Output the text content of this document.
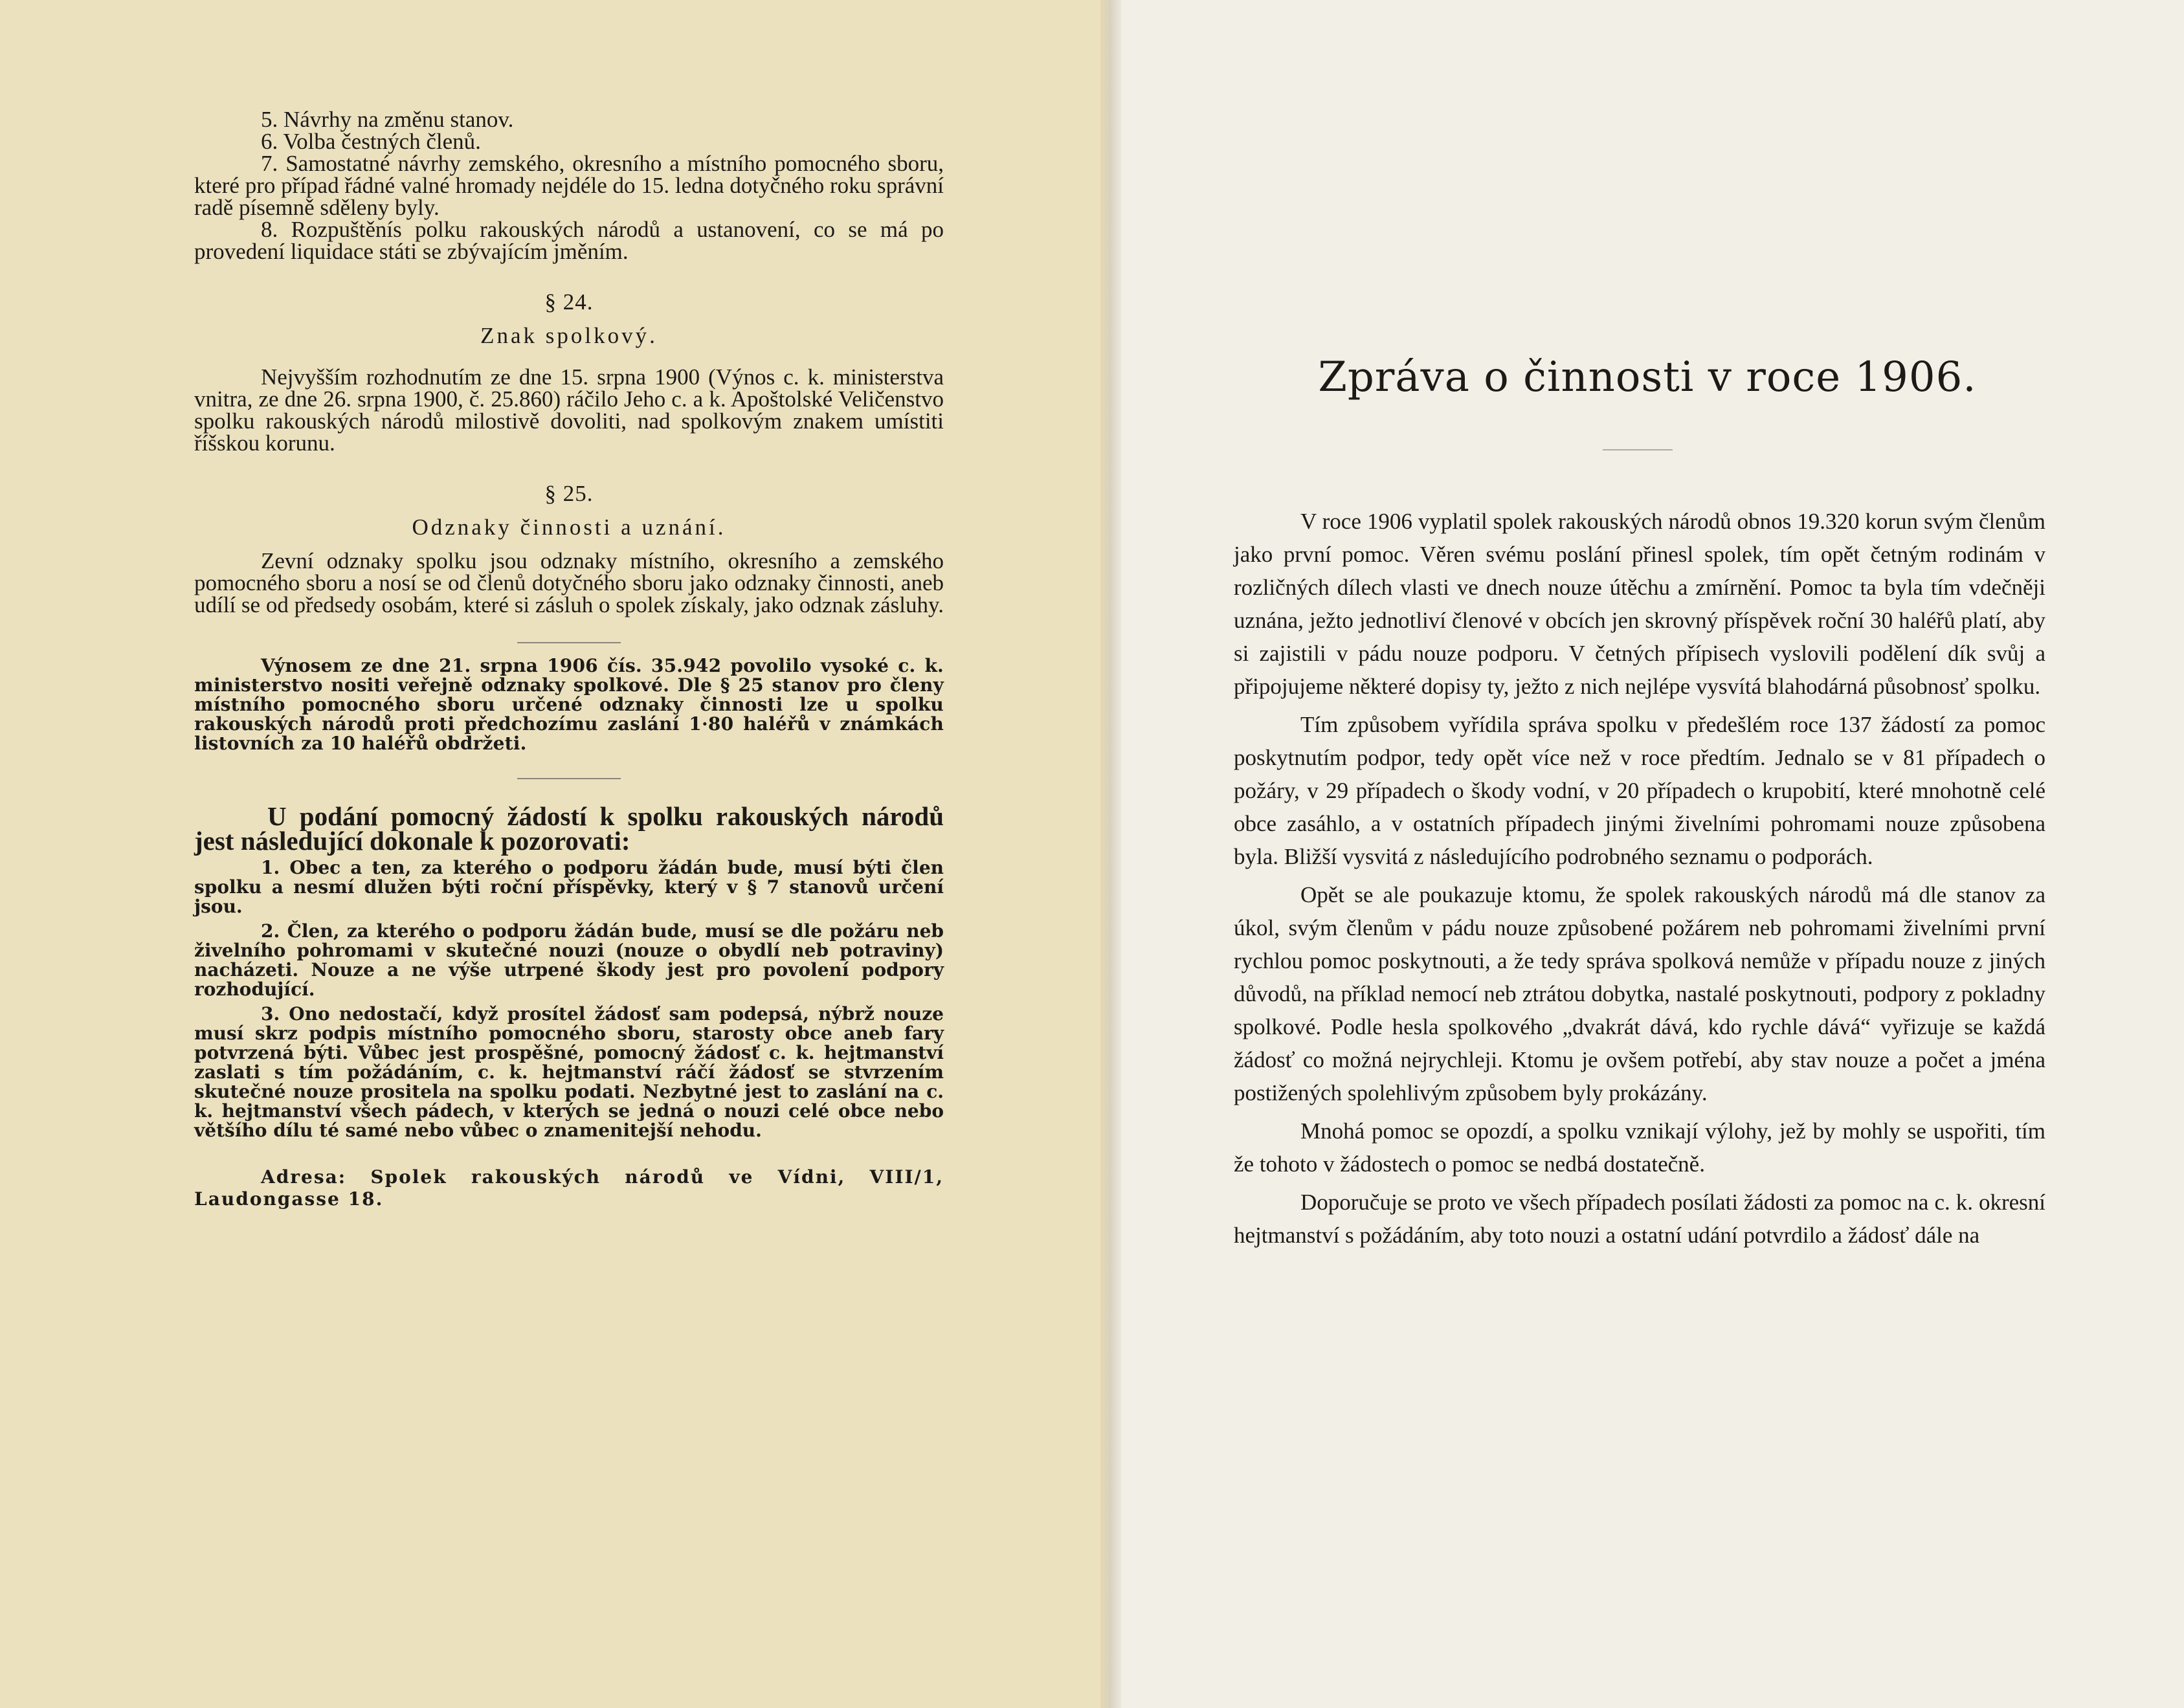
5. Návrhy na změnu stanov.

6. Volba čestných členů.

7. Samostatné návrhy zemského, okresního a místního pomocného sboru, které pro případ řádné valné hromady nejdéle do 15. ledna dotyčného roku správní radě písemně sděleny byly.

8. Rozpuštěnís polku rakouských národů a ustanovení, co se má po provedení liquidace státi se zbývajícím jměním.

§ 24.

Znak spolkový.

Nejvyšším rozhodnutím ze dne 15. srpna 1900 (Výnos c. k. ministerstva vnitra, ze dne 26. srpna 1900, č. 25.860) ráčilo Jeho c. a k. Apoštolské Veličenstvo spolku rakouských národů milostivě dovoliti, nad spolkovým znakem umístiti říšskou korunu.

§ 25.

Odznaky činnosti a uznání.

Zevní odznaky spolku jsou odznaky místního, okresního a zemského pomocného sboru a nosí se od členů dotyčného sboru jako odznaky činnosti, aneb udílí se od předsedy osobám, které si zásluh o spolek získaly, jako odznak zásluhy.

Výnosem ze dne 21. srpna 1906 čís. 35.942 povolilo vysoké c. k. ministerstvo nositi veřejně odznaky spolkové. Dle § 25 stanov pro členy místního pomocného sboru určené odznaky činnosti lze u spolku rakouských národů proti předchozímu zaslání 1·80 haléřů v známkách listovních za 10 haléřů obdržeti.

U podání pomocný žádostí k spolku rakouských národů jest následující dokonale k pozorovati:

1. Obec a ten, za kterého o podporu žádán bude, musí býti člen spolku a nesmí dlužen býti roční příspěvky, který v § 7 stanovů určení jsou.

2. Člen, za kterého o podporu žádán bude, musí se dle požáru neb živelního pohromami v skutečné nouzi (nouze o obydlí neb potraviny) nacházeti. Nouze a ne výše utrpené škody jest pro povolení podpory rozhodující.

3. Ono nedostačí, když prosítel žádosť sam podepsá, nýbrž nouze musí skrz podpis místního pomocného sboru, starosty obce aneb fary potvrzená býti. Vůbec jest prospěšné, pomocný žádosť c. k. hejtmanství zaslati s tím požádáním, c. k. hejtmanství ráčí žádosť se stvrzením skutečné nouze prositela na spolku podati. Nezbytné jest to zaslání na c. k. hejtmanství všech pádech, v kterých se jedná o nouzi celé obce nebo většího dílu té samé nebo vůbec o znamenitejší nehodu.

Adresa: Spolek rakouských národů ve Vídni, VIII/1, Laudongasse 18.

Zpráva o činnosti v roce 1906.

V roce 1906 vyplatil spolek rakouských národů obnos 19.320 korun svým členům jako první pomoc. Věren svému poslání přinesl spolek, tím opět četným rodinám v rozličných dílech vlasti ve dnech nouze útěchu a zmírnění. Pomoc ta byla tím vdečněji uznána, ježto jednotliví členové v obcích jen skrovný příspěvek roční 30 haléřů platí, aby si zajistili v pádu nouze podporu. V četných přípisech vyslovili podělení dík svůj a připojujeme některé dopisy ty, ježto z nich nejlépe vysvítá blahodárná působnosť spolku.

Tím způsobem vyřídila správa spolku v předešlém roce 137 žádostí za pomoc poskytnutím podpor, tedy opět více než v roce předtím. Jednalo se v 81 případech o požáry, v 29 případech o škody vodní, v 20 případech o krupobití, které mnohotně celé obce zasáhlo, a v ostatních případech jinými živelními pohromami nouze způsobena byla. Bližší vysvitá z následujícího podrobného seznamu o podporách.

Opět se ale poukazuje ktomu, že spolek rakouských národů má dle stanov za úkol, svým členům v pádu nouze způsobené požárem neb pohromami živelními první rychlou pomoc poskytnouti, a že tedy správa spolková nemůže v případu nouze z jiných důvodů, na příklad nemocí neb ztrátou dobytka, nastalé poskytnouti, podpory z pokladny spolkové. Podle hesla spolkového „dvakrát dává, kdo rychle dává“ vyřizuje se každá žádosť co možná nejrychleji. Ktomu je ovšem potřebí, aby stav nouze a počet a jména postižených spolehlivým způsobem byly prokázány.

Mnohá pomoc se opozdí, a spolku vznikají výlohy, jež by mohly se uspořiti, tím že tohoto v žádostech o pomoc se nedbá dostatečně.

Doporučuje se proto ve všech případech posílati žádosti za pomoc na c. k. okresní hejtmanství s požádáním, aby toto nouzi a ostatní udání potvrdilo a žádosť dále na
